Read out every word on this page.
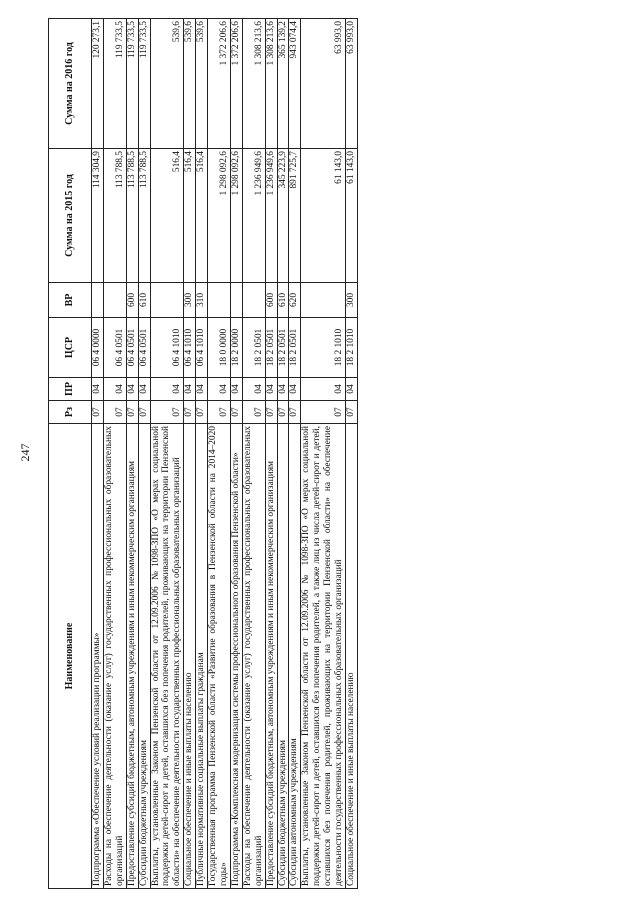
247
Наименование	Рз	ПР	ЦСР	ВР	Сумма на 2015 год	Сумма на 2016 год
Подпрограмма «Обеспечение условий реализации программы»	07	04	06 4 0000		114 304,9	120 273,1
Расходы на обеспечение деятельности (оказание услуг) государственных профессиональных образовательных организаций	07	04	06 4 0501		113 788,5	119 733,5
Предоставление субсидий бюджетным, автономным учреждениям и иным некоммерческим организациям	07	04	06 4 0501	600	113 788,5	119 733,5
Субсидии бюджетным учреждениям	07	04	06 4 0501	610	113 788,5	119 733,5
Выплаты, установленные Законом Пензенской области от 12.09.2006 №1098-ЗПО «О мерах социальной поддержки детей-сирот и детей, оставшихся без попечения родителей, проживающих на территории Пензенской области» на обеспечение деятельности государственных профессиональных образовательных организаций	07	04	06 4 1010		516,4	539,6
Социальное обеспечение и иные выплаты населению	07	04	06 4 1010	300	516,4	539,6
Публичные нормативные социальные выплаты гражданам	07	04	06 4 1010	310	516,4	539,6
Государственная программа Пензенской области «Развитие образования в Пензенской области на 2014–2020 годы»	07	04	18 0 0000		1 298 092,6	1 372 206,6
Подпрограмма «Комплексная модернизация системы профессионального образования Пензенской области»	07	04	18 2 0000		1 298 092,6	1 372 206,6
Расходы на обеспечение деятельности (оказание услуг) государственных профессиональных образовательных организаций	07	04	18 2 0501		1 236 949,6	1 308 213,6
Предоставление субсидий бюджетным, автономным учреждениям и иным некоммерческим организациям	07	04	18 2 0501	600	1 236 949,6	1 308 213,6
Субсидии бюджетным учреждениям	07	04	18 2 0501	610	345 223,9	365 139,2
Субсидии автономным учреждениям	07	04	18 2 0501	620	891 725,7	943 074,4
Выплаты, установленные Законом Пензенской области от 12.09.2006 № 1098-ЗПО «О мерах социальной поддержки детей-сирот и детей, оставшихся без попечения родителей, а также лиц из числа детей-сирот и детей, оставшихся без попечения родителей, проживающих на территории Пензенской области» на обеспечение деятельности государственных профессиональных образовательных организаций	07	04	18 2 1010		61 143,0	63 993,0
Социальное обеспечение и иные выплаты населению	07	04	18 2 1010	300	61 143,0	63 993,0
